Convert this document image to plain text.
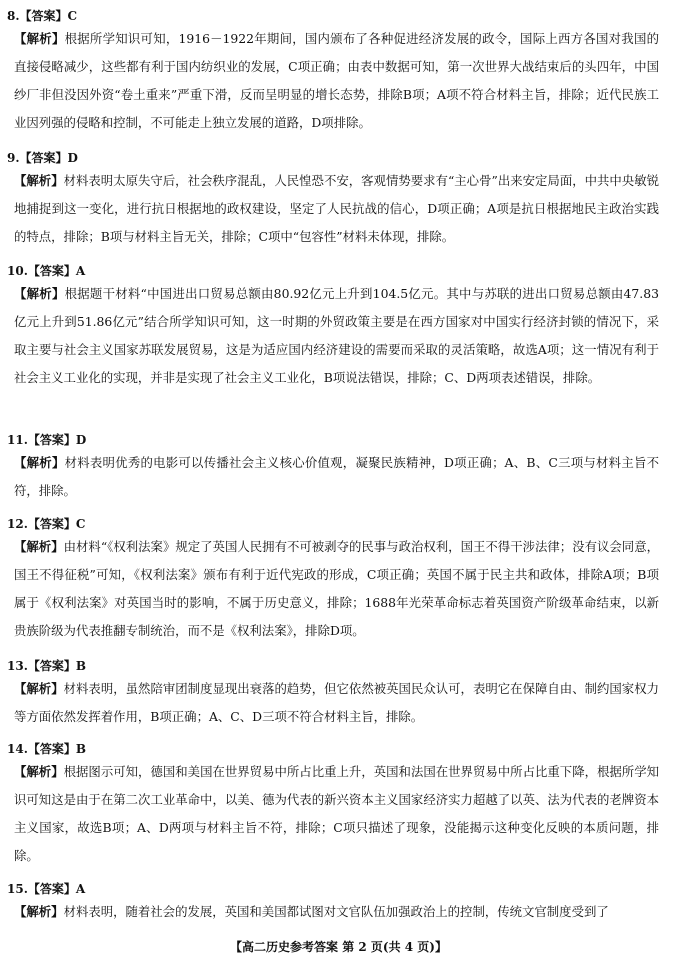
8.【答案】C
【解析】根据所学知识可知，1916－1922年期间，国内颁布了各种促进经济发展的政令，国际上西方各国对我国的直接侵略减少，这些都有利于国内纺织业的发展，C项正确；由表中数据可知，第一次世界大战结束后的头四年，中国纱厂非但没因外资“卷土重来”严重下滑，反而呈明显的增长态势，排除B项；A项不符合材料主旨，排除；近代民族工业因列强的侵略和控制，不可能走上独立发展的道路，D项排除。
9.【答案】D
【解析】材料表明太原失守后，社会秩序混乱，人民惶恐不安，客观情势要求有“主心骨”出来安定局面，中共中央敏锐地捕捉到这一变化，进行抗日根据地的政权建设，坚定了人民抗战的信心，D项正确；A项是抗日根据地民主政治实践的特点，排除；B项与材料主旨无关，排除；C项中“包容性”材料未体现，排除。
10.【答案】A
【解析】根据题干材料“中国进出口贸易总额由80.92亿元上升到104.5亿元。其中与苏联的进出口贸易总额由47.83亿元上升到51.86亿元”结合所学知识可知，这一时期的外贸政策主要是在西方国家对中国实行经济封锁的情况下，采取主要与社会主义国家苏联发展贸易，这是为适应国内经济建设的需要而采取的灵活策略，故选A项；这一情况有利于社会主义工业化的实现，并非是实现了社会主义工业化，B项说法错误，排除；C、D两项表述错误，排除。
11.【答案】D
【解析】材料表明优秀的电影可以传播社会主义核心价值观，凝聚民族精神，D项正确；A、B、C三项与材料主旨不符，排除。
12.【答案】C
【解析】由材料“《权利法案》规定了英国人民拥有不可被剥夺的民事与政治权利，国王不得干涉法律；没有议会同意，国王不得征税”可知，《权利法案》颁布有利于近代宪政的形成，C项正确；英国不属于民主共和政体，排除A项；B项属于《权利法案》对英国当时的影响，不属于历史意义，排除；1688年光荣革命标志着英国资产阶级革命结束，以新贵族阶级为代表推翻专制统治，而不是《权利法案》，排除D项。
13.【答案】B
【解析】材料表明，虽然陪审团制度显现出衰落的趋势，但它依然被英国民众认可，表明它在保障自由、制约国家权力等方面依然发挥着作用，B项正确；A、C、D三项不符合材料主旨，排除。
14.【答案】B
【解析】根据图示可知，德国和美国在世界贸易中所占比重上升，英国和法国在世界贸易中所占比重下降，根据所学知识可知这是由于在第二次工业革命中，以美、德为代表的新兴资本主义国家经济实力超越了以英、法为代表的老牌资本主义国家，故选B项；A、D两项与材料主旨不符，排除；C项只描述了现象，没能揭示这种变化反映的本质问题，排除。
15.【答案】A
【解析】材料表明，随着社会的发展，英国和美国都试图对文官队伍加强政治上的控制，传统文官制度受到了
【高二历史参考答案 第 2 页(共 4 页)】
